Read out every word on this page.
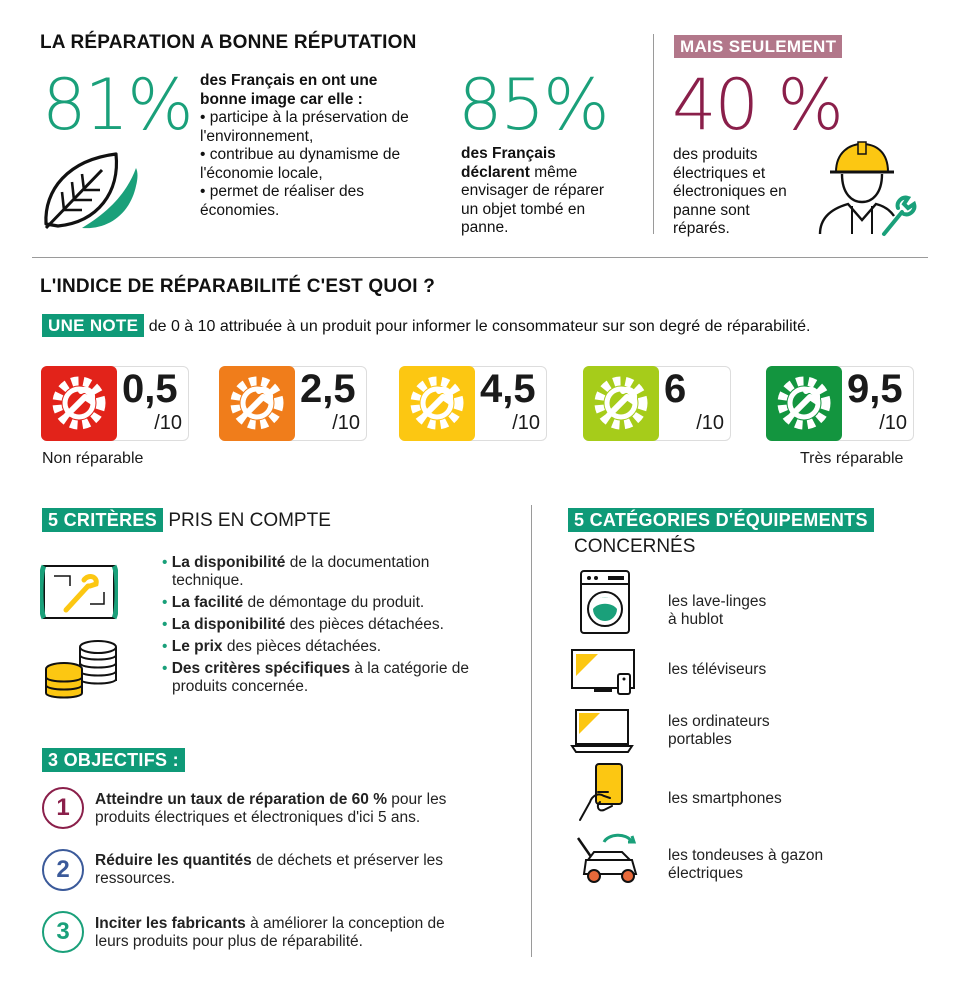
LA RÉPARATION A BONNE RÉPUTATION
81% des Français en ont une bonne image car elle :
• participe à la préservation de l'environnement,
• contribue au dynamisme de l'économie locale,
• permet de réaliser des économies.
85%
des Français déclarent même envisager de réparer un objet tombé en panne.
MAIS SEULEMENT
40 %
des produits électriques et électroniques en panne sont réparés.
L'INDICE DE RÉPARABILITÉ C'EST QUOI ?
UNE NOTE de 0 à 10 attribuée à un produit pour informer le consommateur sur son degré de réparabilité.
0,5
/10
2,5
/10
4,5
/10
6
/10
9,5
/10
Non réparable	Très réparable
5 CRITÈRES PRIS EN COMPTE
• La disponibilité de la documentation technique.
• La facilité de démontage du produit.
• La disponibilité des pièces détachées.
• Le prix des pièces détachées.
• Des critères spécifiques à la catégorie de produits concernée.
3 OBJECTIFS :
1	Atteindre un taux de réparation de 60 % pour les produits électriques et électroniques d'ici 5 ans.
2	Réduire les quantités de déchets et préserver les ressources.
3	Inciter les fabricants à améliorer la conception de leurs produits pour plus de réparabilité.
5 CATÉGORIES D'ÉQUIPEMENTS
CONCERNÉS
les lave-linges
à hublot
les téléviseurs
les ordinateurs
portables
les smartphones
les tondeuses à gazon
électriques
